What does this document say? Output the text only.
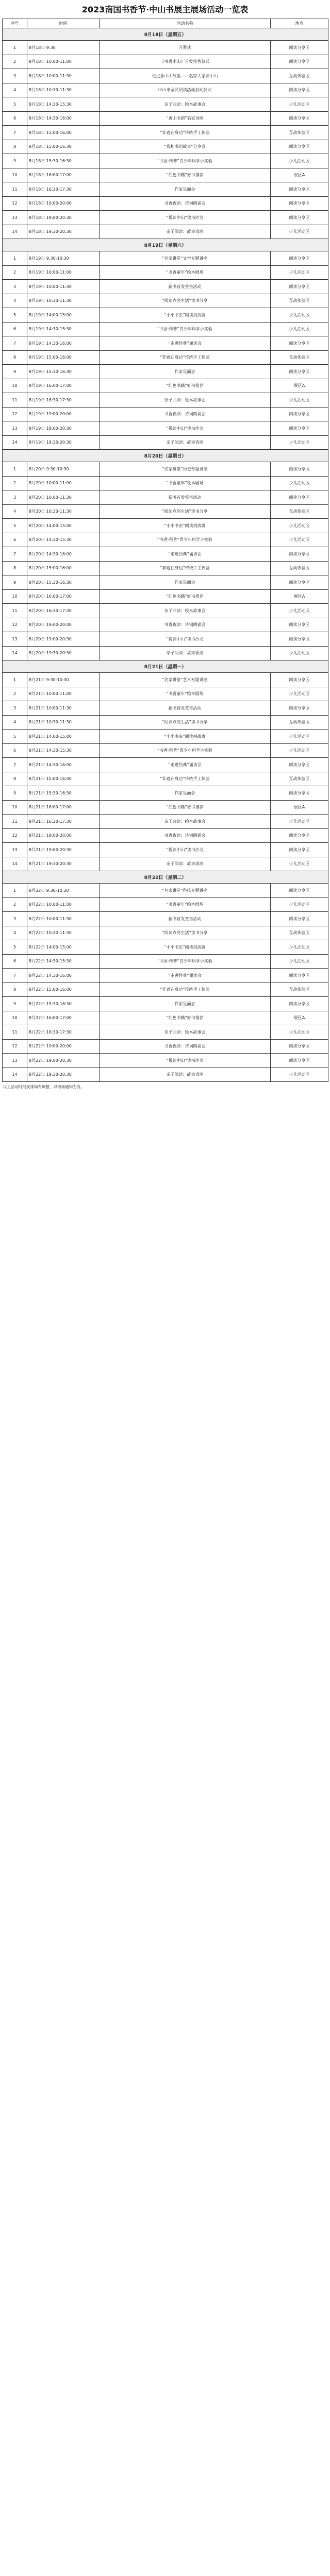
2023南国书香节·中山书展主展场活动一览表
序号	时间	活动名称	地点
8月18日（星期五）			
1	8月18日 9:30	开幕式	阅读分享区
2	8月18日 10:00-11:00	《书香中山》首发签售仪式	阅读分享区
3	8月18日 10:00-11:30	走进孙中山故里——名家大家读中山	互动体验区
4	8月18日 10:30-11:30	中山市全民阅读活动启动仪式	阅读分享区
5	8月18日 14:30-15:30	亲子共读：绘本故事会	少儿活动区
6	8月18日 14:30-16:00	“香山书韵”名家讲座	阅读分享区
7	8月18日 15:00-16:00	“非遗在身边”传统手工体验	互动体验区
8	8月18日 15:00-16:30	“我和书的故事”分享会	阅读分享区
9	8月18日 15:30-16:30	“书香·科普”青少年科学小实验	少儿活动区
10	8月18日 16:00-17:00	“红色书籍”好书推荐	展区A
11	8月18日 16:30-17:30	作家见面会	阅读分享区
12	8月18日 19:00-20:00	书香夜读：诗词朗诵会	阅读分享区
13	8月18日 19:00-20:30	“悦读中山”读书沙龙	阅读分享区
14	8月18日 19:30-20:30	亲子阅读：故事表演	少儿活动区
8月19日（星期六）			
1	8月19日 9:30-10:30	“名家讲堂”文学专题讲座	阅读分享区
2	8月19日 10:00-11:00	“书香童年”绘本剧场	少儿活动区
3	8月19日 10:00-11:30	新书首发签售活动	阅读分享区
4	8月19日 10:30-11:30	“阅读点亮生活”读书分享	互动体验区
5	8月19日 14:00-15:00	“小小书虫”阅读挑战赛	少儿活动区
6	8月19日 14:30-15:30	“书香·科普”青少年科学小实验	少儿活动区
7	8月19日 14:30-16:00	“走进经典”诵读会	阅读分享区
8	8月19日 15:00-16:00	“非遗在身边”传统手工体验	互动体验区
9	8月19日 15:30-16:30	作家见面会	阅读分享区
10	8月19日 16:00-17:00	“红色书籍”好书推荐	展区A
11	8月19日 16:30-17:30	亲子共读：绘本故事会	少儿活动区
12	8月19日 19:00-20:00	书香夜读：诗词朗诵会	阅读分享区
13	8月19日 19:00-20:30	“悦读中山”读书沙龙	阅读分享区
14	8月19日 19:30-20:30	亲子阅读：故事表演	少儿活动区
8月20日（星期日）			
1	8月20日 9:30-10:30	“名家讲堂”历史专题讲座	阅读分享区
2	8月20日 10:00-11:00	“书香童年”绘本剧场	少儿活动区
3	8月20日 10:00-11:30	新书首发签售活动	阅读分享区
4	8月20日 10:30-11:30	“阅读点亮生活”读书分享	互动体验区
5	8月20日 14:00-15:00	“小小书虫”阅读挑战赛	少儿活动区
6	8月20日 14:30-15:30	“书香·科普”青少年科学小实验	少儿活动区
7	8月20日 14:30-16:00	“走进经典”诵读会	阅读分享区
8	8月20日 15:00-16:00	“非遗在身边”传统手工体验	互动体验区
9	8月20日 15:30-16:30	作家见面会	阅读分享区
10	8月20日 16:00-17:00	“红色书籍”好书推荐	展区A
11	8月20日 16:30-17:30	亲子共读：绘本故事会	少儿活动区
12	8月20日 19:00-20:00	书香夜读：诗词朗诵会	阅读分享区
13	8月20日 19:00-20:30	“悦读中山”读书沙龙	阅读分享区
14	8月20日 19:30-20:30	亲子阅读：故事表演	少儿活动区
8月21日（星期一）			
1	8月21日 9:30-10:30	“名家讲堂”艺术专题讲座	阅读分享区
2	8月21日 10:00-11:00	“书香童年”绘本剧场	少儿活动区
3	8月21日 10:00-11:30	新书首发签售活动	阅读分享区
4	8月21日 10:30-11:30	“阅读点亮生活”读书分享	互动体验区
5	8月21日 14:00-15:00	“小小书虫”阅读挑战赛	少儿活动区
6	8月21日 14:30-15:30	“书香·科普”青少年科学小实验	少儿活动区
7	8月21日 14:30-16:00	“走进经典”诵读会	阅读分享区
8	8月21日 15:00-16:00	“非遗在身边”传统手工体验	互动体验区
9	8月21日 15:30-16:30	作家见面会	阅读分享区
10	8月21日 16:00-17:00	“红色书籍”好书推荐	展区A
11	8月21日 16:30-17:30	亲子共读：绘本故事会	少儿活动区
12	8月21日 19:00-20:00	书香夜读：诗词朗诵会	阅读分享区
13	8月21日 19:00-20:30	“悦读中山”读书沙龙	阅读分享区
14	8月21日 19:30-20:30	亲子阅读：故事表演	少儿活动区
8月22日（星期二）			
1	8月22日 9:30-10:30	“名家讲堂”科技专题讲座	阅读分享区
2	8月22日 10:00-11:00	“书香童年”绘本剧场	少儿活动区
3	8月22日 10:00-11:30	新书首发签售活动	阅读分享区
4	8月22日 10:30-11:30	“阅读点亮生活”读书分享	互动体验区
5	8月22日 14:00-15:00	“小小书虫”阅读挑战赛	少儿活动区
6	8月22日 14:30-15:30	“书香·科普”青少年科学小实验	少儿活动区
7	8月22日 14:30-16:00	“走进经典”诵读会	阅读分享区
8	8月22日 15:00-16:00	“非遗在身边”传统手工体验	互动体验区
9	8月22日 15:30-16:30	作家见面会	阅读分享区
10	8月22日 16:00-17:00	“红色书籍”好书推荐	展区A
11	8月22日 16:30-17:30	亲子共读：绘本故事会	少儿活动区
12	8月22日 19:00-20:00	书香夜读：诗词朗诵会	阅读分享区
13	8月22日 19:00-20:30	“悦读中山”读书沙龙	阅读分享区
14	8月22日 19:30-20:30	亲子阅读：故事表演	少儿活动区
以上活动时间安排如有调整，以现场通知为准。
